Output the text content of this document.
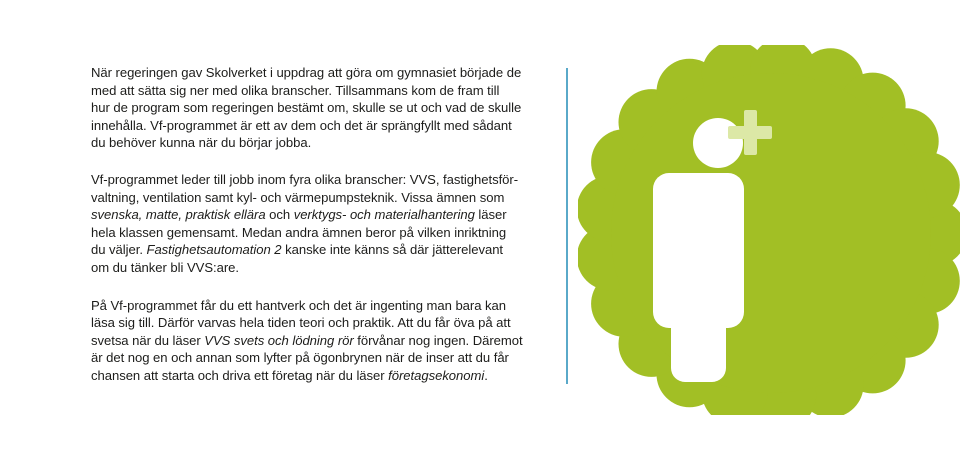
När regeringen gav Skolverket i uppdrag att göra om gymnasiet började de
med att sätta sig ner med olika branscher. Tillsammans kom de fram till
hur de program som regeringen bestämt om, skulle se ut och vad de skulle
innehålla. Vf-programmet är ett av dem och det är sprängfyllt med sådant
du behöver kunna när du börjar jobba.

Vf-programmet leder till jobb inom fyra olika branscher: VVS, fastighetsför-
valtning, ventilation samt kyl- och värmepumpsteknik. Vissa ämnen som
svenska, matte, praktisk ellära och verktygs- och materialhantering läser
hela klassen gemensamt. Medan andra ämnen beror på vilken inriktning
du väljer. Fastighetsautomation 2 kanske inte känns så där jätterelevant
om du tänker bli VVS:are.

På Vf-programmet får du ett hantverk och det är ingenting man bara kan
läsa sig till. Därför varvas hela tiden teori och praktik. Att du får öva på att
svetsa när du läser VVS svets och lödning rör förvånar nog ingen. Däremot
är det nog en och annan som lyfter på ögonbrynen när de inser att du får
chansen att starta och driva ett företag när du läser företagsekonomi.
